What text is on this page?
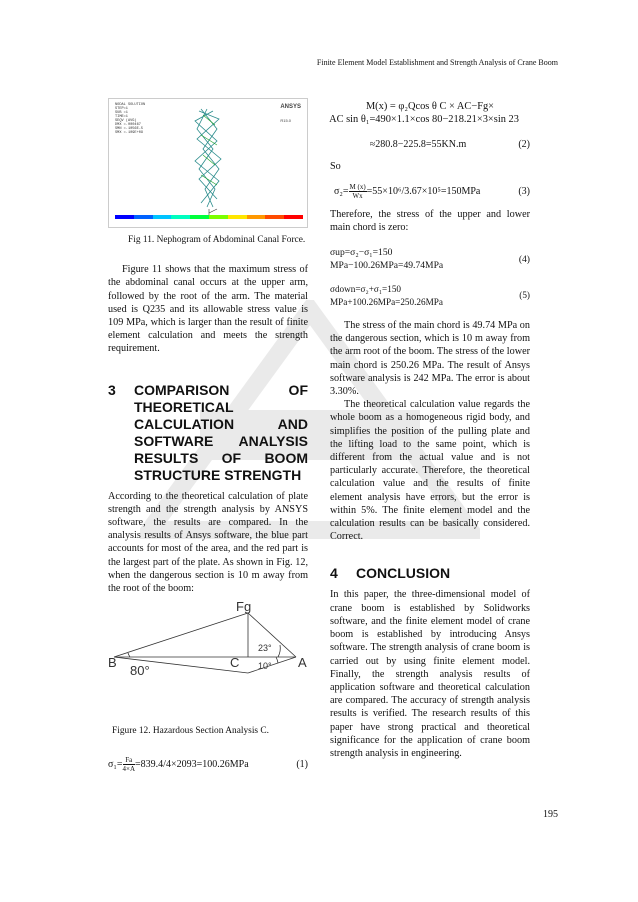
Finite Element Model Establishment and Strength Analysis of Crane Boom
ANSYS
R15.0
NODAL SOLUTION
STEP=1
SUB =1
TIME=1
SEQV (AVG)
DMX =.000467
SMN =.1056E-5
SMX =.109E+09
Fig 11. Nephogram of Abdominal Canal Force.

Figure 11 shows that the maximum stress of the abdominal canal occurs at the upper arm, followed by the root of the arm. The material used is Q235 and its allowable stress value is 109 MPa, which is larger than the result of finite element calculation and meets the strength requirement.

3	COMPARISON OF THEORETICAL CALCULATION AND SOFTWARE ANALYSIS RESULTS OF BOOM STRUCTURE STRENGTH

According to the theoretical calculation of plate strength and the strength analysis by ANSYS software, the results are compared. In the analysis results of Ansys software, the blue part accounts for most of the area, and the red part is the largest part of the plate. As shown in Fig. 12, when the dangerous section is 10 m away from the root of the boom:

Fg
B	C	A
80°
23°
10°
Figure 12. Hazardous Section Analysis C.
$\sigma_1= \frac{Fa}{4\times A} =839.4/4\times 2093=100.26MPa$	(1)
M(x) = φ₂Qcos θ C × AC−Fg×
AC sin θ₁=490×1.1×cos 80−218.21×3×sin 23
≈280.8−225.8=55KN.m	(2)
So
$\sigma_2= \frac{M (x)}{Wx} =55\times 10^6/3.67\times 10^5=150MPa$	(3)

Therefore, the stress of the upper and lower main chord is zero:

σup=σ₂−σ₁=150 MPa−100.26MPa=49.74MPa
(4)
σdown=σ₂+σ₁=150 MPa+100.26MPa=250.26MPa
(5)

The stress of the main chord is 49.74 MPa on the dangerous section, which is 10 m away from the arm root of the boom. The stress of the lower main chord is 250.26 MPa. The result of Ansys software analysis is 242 MPa. The error is about 3.30%.

The theoretical calculation value regards the whole boom as a homogeneous rigid body, and simplifies the position of the pulling plate and the lifting load to the same point, which is different from the actual value and is not particularly accurate. Therefore, the theoretical calculation value and the results of finite element analysis have errors, but the error is within 5%. The finite element model and the calculation results can be basically considered. Correct.

4	CONCLUSION

In this paper, the three-dimensional model of crane boom is established by Solidworks software, and the finite element model of crane boom is established by introducing Ansys software. The strength analysis of crane boom is carried out by using finite element model. Finally, the strength analysis results of application software and theoretical calculation are compared. The accuracy of strength analysis results is verified. The research results of this paper have strong practical and theoretical significance for the application of crane boom strength analysis in engineering.

195
